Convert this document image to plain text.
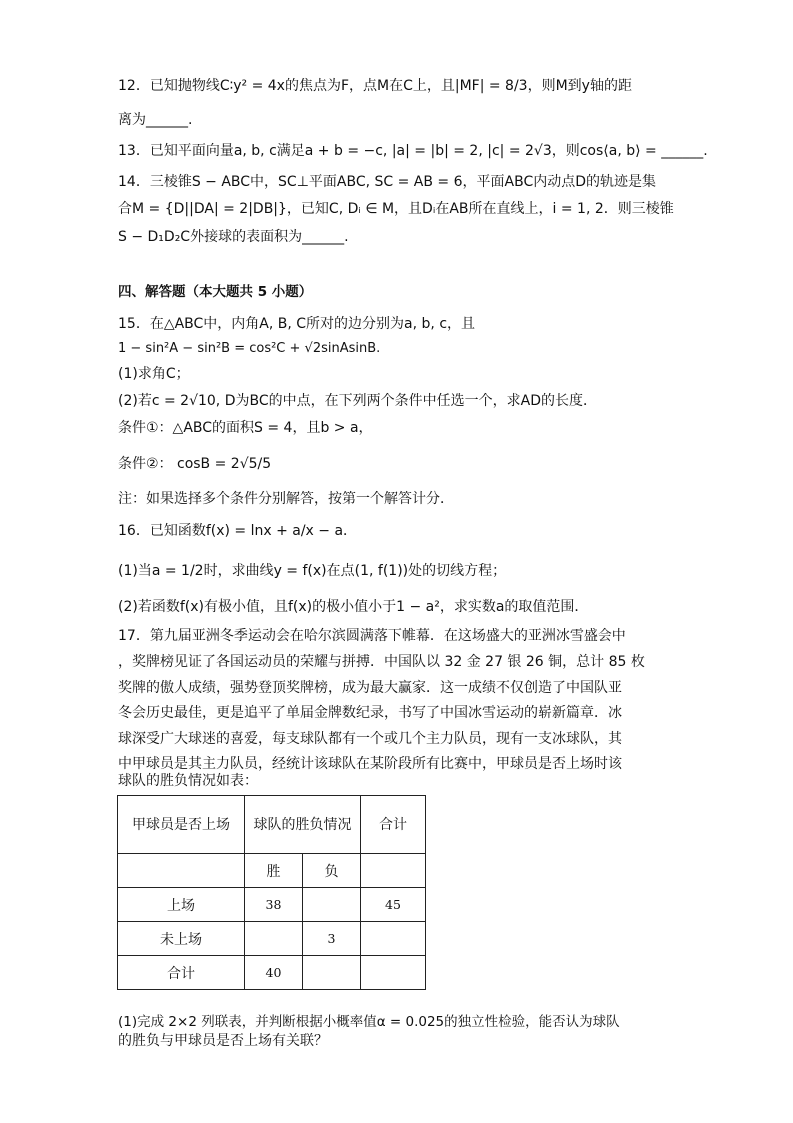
12．已知抛物线C∶y² = 4x的焦点为F，点M在C上，且|MF| = 8/3，则M到y轴的距
离为______.
13．已知平面向量a, b, c满足a + b = −c, |a| = |b| = 2, |c| = 2√3，则cos⟨a, b⟩ = ______.
14．三棱锥S − ABC中，SC⊥平面ABC, SC = AB = 6，平面ABC内动点D的轨迹是集
合M = {D||DA| = 2|DB|}，已知C, Dᵢ ∈ M，且Dᵢ在AB所在直线上，i = 1, 2．则三棱锥
S − D₁D₂C外接球的表面积为______.
四、解答题（本大题共 5 小题）
15．在△ABC中，内角A, B, C所对的边分别为a, b, c，且
1 − sin²A − sin²B = cos²C + √2sinAsinB.
(1)求角C；
(2)若c = 2√10, D为BC的中点，在下列两个条件中任选一个，求AD的长度．
条件①：△ABC的面积S = 4，且b > a，
条件②： cosB = 2√5/5
注：如果选择多个条件分别解答，按第一个解答计分．
16．已知函数f(x) = lnx + a/x − a．
(1)当a = 1/2时，求曲线y = f(x)在点(1, f(1))处的切线方程；
(2)若函数f(x)有极小值，且f(x)的极小值小于1 − a²，求实数a的取值范围．
17．第九届亚洲冬季运动会在哈尔滨圆满落下帷幕．在这场盛大的亚洲冰雪盛会中
，奖牌榜见证了各国运动员的荣耀与拼搏．中国队以 32 金 27 银 26 铜，总计 85 枚
奖牌的傲人成绩，强势登顶奖牌榜，成为最大赢家．这一成绩不仅创造了中国队亚
冬会历史最佳，更是追平了单届金牌数纪录，书写了中国冰雪运动的崭新篇章．冰
球深受广大球迷的喜爱，每支球队都有一个或几个主力队员，现有一支冰球队，其
中甲球员是其主力队员，经统计该球队在某阶段所有比赛中，甲球员是否上场时该
球队的胜负情况如表：
甲球员是否上场	球队的胜负情况		合计
	胜	负	
上场	38		45
未上场		3	
合计	40		
(1)完成 2×2 列联表，并判断根据小概率值α = 0.025的独立性检验，能否认为球队
的胜负与甲球员是否上场有关联？
